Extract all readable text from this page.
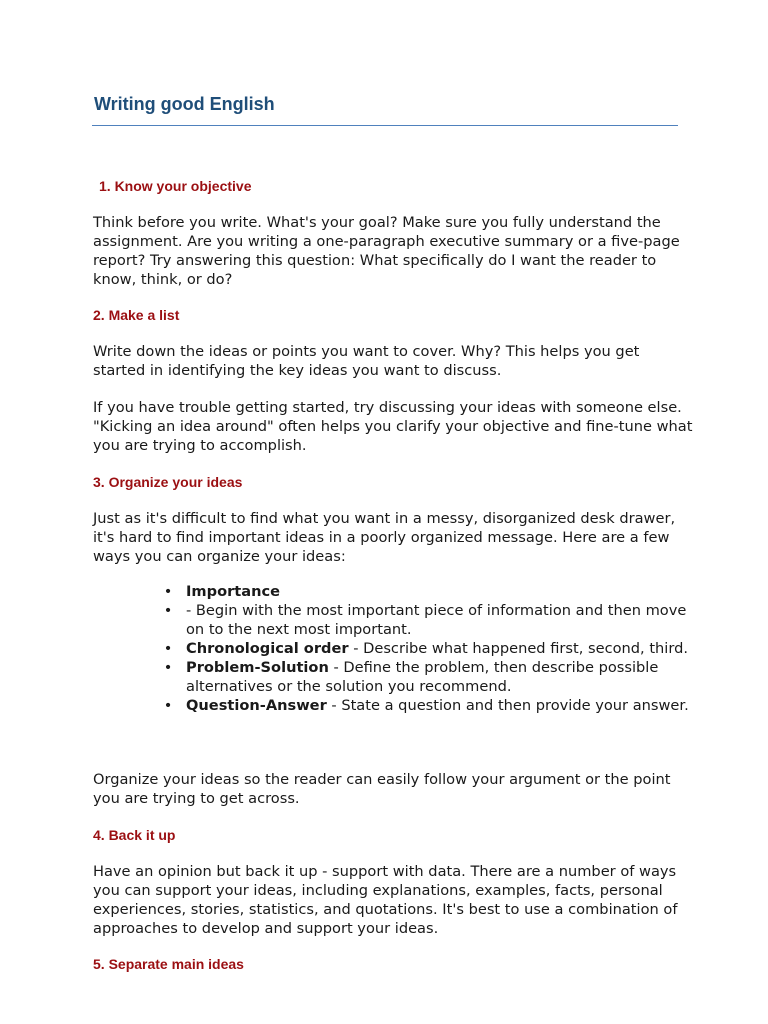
Writing good English
1. Know your objective

Think before you write. What's your goal? Make sure you fully understand the assignment. Are you writing a one-paragraph executive summary or a five-page report? Try answering this question: What specifically do I want the reader to know, think, or do?

2. Make a list

Write down the ideas or points you want to cover. Why? This helps you get started in identifying the key ideas you want to discuss.

If you have trouble getting started, try discussing your ideas with someone else. "Kicking an idea around" often helps you clarify your objective and fine-tune what you are trying to accomplish.

3. Organize your ideas

Just as it's difficult to find what you want in a messy, disorganized desk drawer, it's hard to find important ideas in a poorly organized message. Here are a few ways you can organize your ideas:

• Importance
• - Begin with the most important piece of information and then move on to the next most important.
• Chronological order - Describe what happened first, second, third.
• Problem-Solution - Define the problem, then describe possible alternatives or the solution you recommend.
• Question-Answer - State a question and then provide your answer.

Organize your ideas so the reader can easily follow your argument or the point you are trying to get across.

4. Back it up

Have an opinion but back it up - support with data. There are a number of ways you can support your ideas, including explanations, examples, facts, personal experiences, stories, statistics, and quotations. It's best to use a combination of approaches to develop and support your ideas.

5. Separate main ideas
